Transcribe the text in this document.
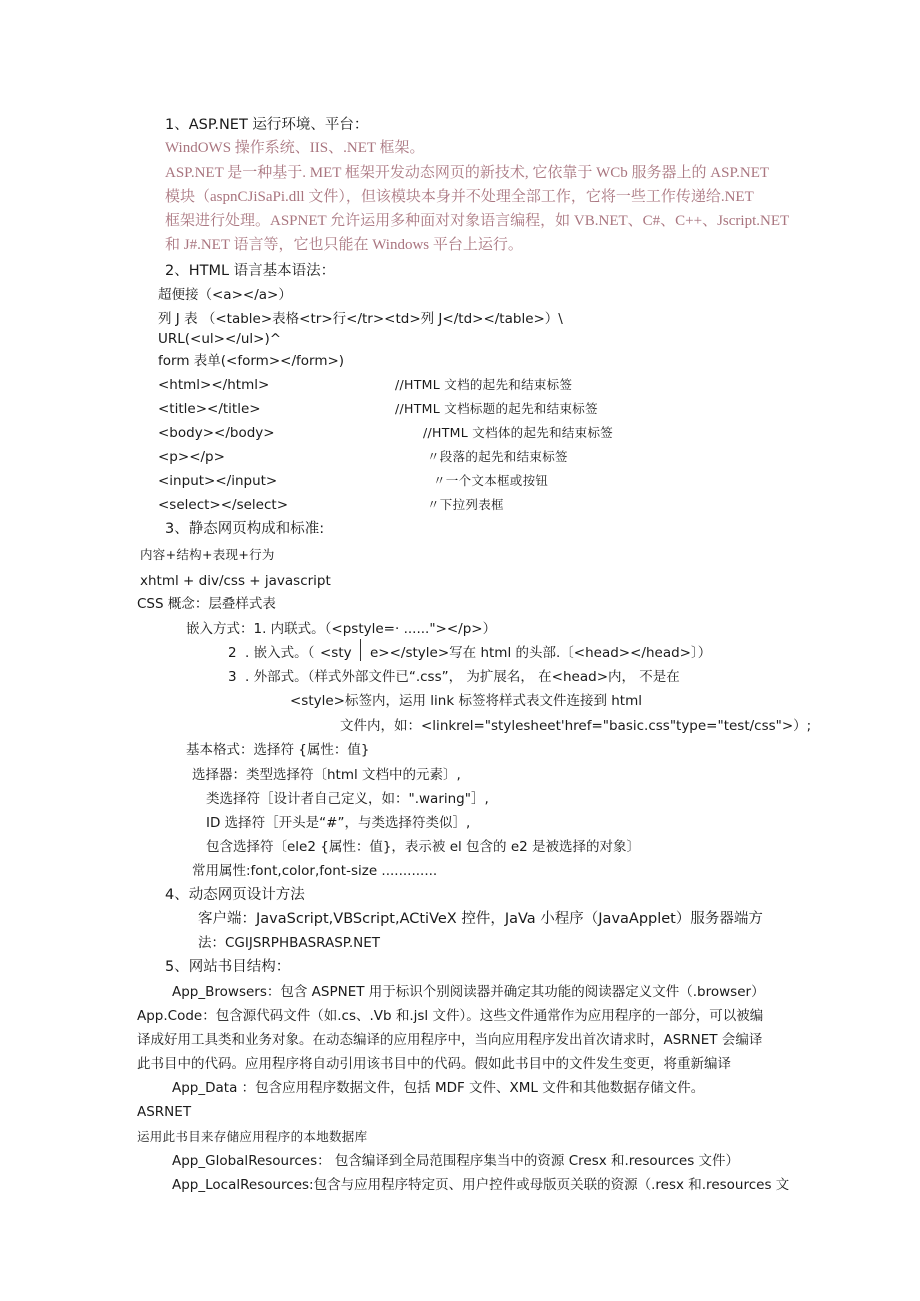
1、ASP.NET 运行环境、平台：
WindOWS 操作系统、IIS、.NET 框架。
ASP.NET 是一种基于. MET 框架开发动态网页的新技术, 它依靠于 WCb 服务器上的 ASP.NET
模块（aspnCJiSaPi.dll 文件），但该模块本身并不处理全部工作，它将一些工作传递给.NET
框架进行处理。ASPNET 允许运用多种面对对象语言编程，如 VB.NET、C#、C++、Jscript.NET
和 J#.NET 语言等，它也只能在 Windows 平台上运行。
2、HTML 语言基本语法：
超便接（<a></a>）
列 J 表 （<table>表格<tr>行</tr><td>列 J</td></table>）\
URL(<ul></ul>)^
form 表单(<form></form>)
<html></html>	//HTML 文档的起先和结束标签
<title></title>	//HTML 文档标题的起先和结束标签
<body></body>	//HTML 文档体的起先和结束标签
<p></p>	〃段落的起先和结束标签
<input></input>	〃一个文本框或按钮
<select></select>	〃下拉列表框
3、静态网页构成和标准:
内容+结构+表现+行为
xhtml + div/css + javascript
CSS 概念：层叠样式表
嵌入方式：1. 内联式。（<pstyle=· ......"></p>）
2 . 嵌入式。（ <sty e></style>写在 html 的头部.〔<head></head>〕）
3 . 外部式。（样式外部文件已“.css”， 为扩展名， 在<head>内， 不是在
<style>标签内，运用 link 标签将样式表文件连接到 html
文件内，如：<linkrel="stylesheet'href="basic.css"type="test/css">）;
基本格式：选择符 {属性：值}
选择器：类型选择符〔html 文档中的元素〕,
类选择符［设计者自己定义，如：".waring"］,
ID 选择符［开头是“#”，与类选择符类似］,
包含选择符〔ele2 {属性：值}，表示被 el 包含的 e2 是被选择的对象〕
常用属性:font,color,font-size .............
4、动态网页设计方法
客户端：JavaScript,VBScript,ACtiVeX 控件，JaVa 小程序（JavaApplet）服务器端方
法：CGIJSRPHBASRASP.NET
5、网站书目结构：
App_Browsers：包含 ASPNET 用于标识个别阅读器并确定其功能的阅读器定义文件（.browser）
App.Code：包含源代码文件（如.cs、.Vb 和.jsl 文件）。这些文件通常作为应用程序的一部分，可以被编
译成好用工具类和业务对象。在动态编译的应用程序中，当向应用程序发出首次请求时，ASRNET 会编译
此书目中的代码。应用程序将自动引用该书目中的代码。假如此书目中的文件发生变更，将重新编译
App_Data ：包含应用程序数据文件，包括 MDF 文件、XML 文件和其他数据存储文件。
ASRNET
运用此书目来存储应用程序的本地数据库
App_GlobalResources： 包含编译到全局范围程序集当中的资源 Cresx 和.resources 文件）
App_LocalResources:包含与应用程序特定页、用户控件或母版页关联的资源（.resx 和.resources 文
